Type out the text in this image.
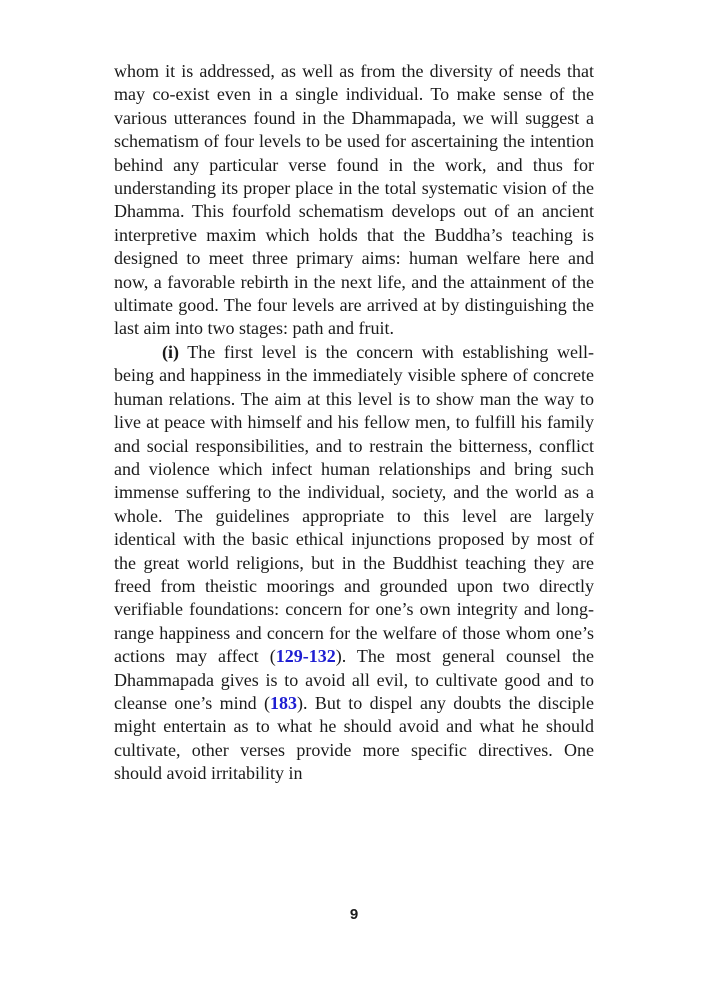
whom it is addressed, as well as from the diversity of needs that may co-exist even in a single individual. To make sense of the various utterances found in the Dhammapada, we will suggest a schematism of four levels to be used for ascertaining the intention behind any particular verse found in the work, and thus for understanding its proper place in the total systematic vision of the Dhamma. This fourfold schematism develops out of an ancient interpretive maxim which holds that the Buddha’s teaching is designed to meet three primary aims: human welfare here and now, a favorable rebirth in the next life, and the attainment of the ultimate good. The four levels are arrived at by distinguishing the last aim into two stages: path and fruit.

(i) The first level is the concern with establishing well-being and happiness in the immediately visible sphere of concrete human relations. The aim at this level is to show man the way to live at peace with himself and his fellow men, to fulfill his family and social responsibilities, and to restrain the bitterness, conflict and violence which infect human relationships and bring such immense suffering to the individual, society, and the world as a whole. The guidelines appropriate to this level are largely identical with the basic ethical injunctions proposed by most of the great world religions, but in the Buddhist teaching they are freed from theistic moorings and grounded upon two directly verifiable foundations: concern for one’s own integrity and long-range happiness and concern for the welfare of those whom one’s actions may affect (129-132). The most general counsel the Dhammapada gives is to avoid all evil, to cultivate good and to cleanse one’s mind (183). But to dispel any doubts the disciple might entertain as to what he should avoid and what he should cultivate, other verses provide more specific directives. One should avoid irritability in

9
